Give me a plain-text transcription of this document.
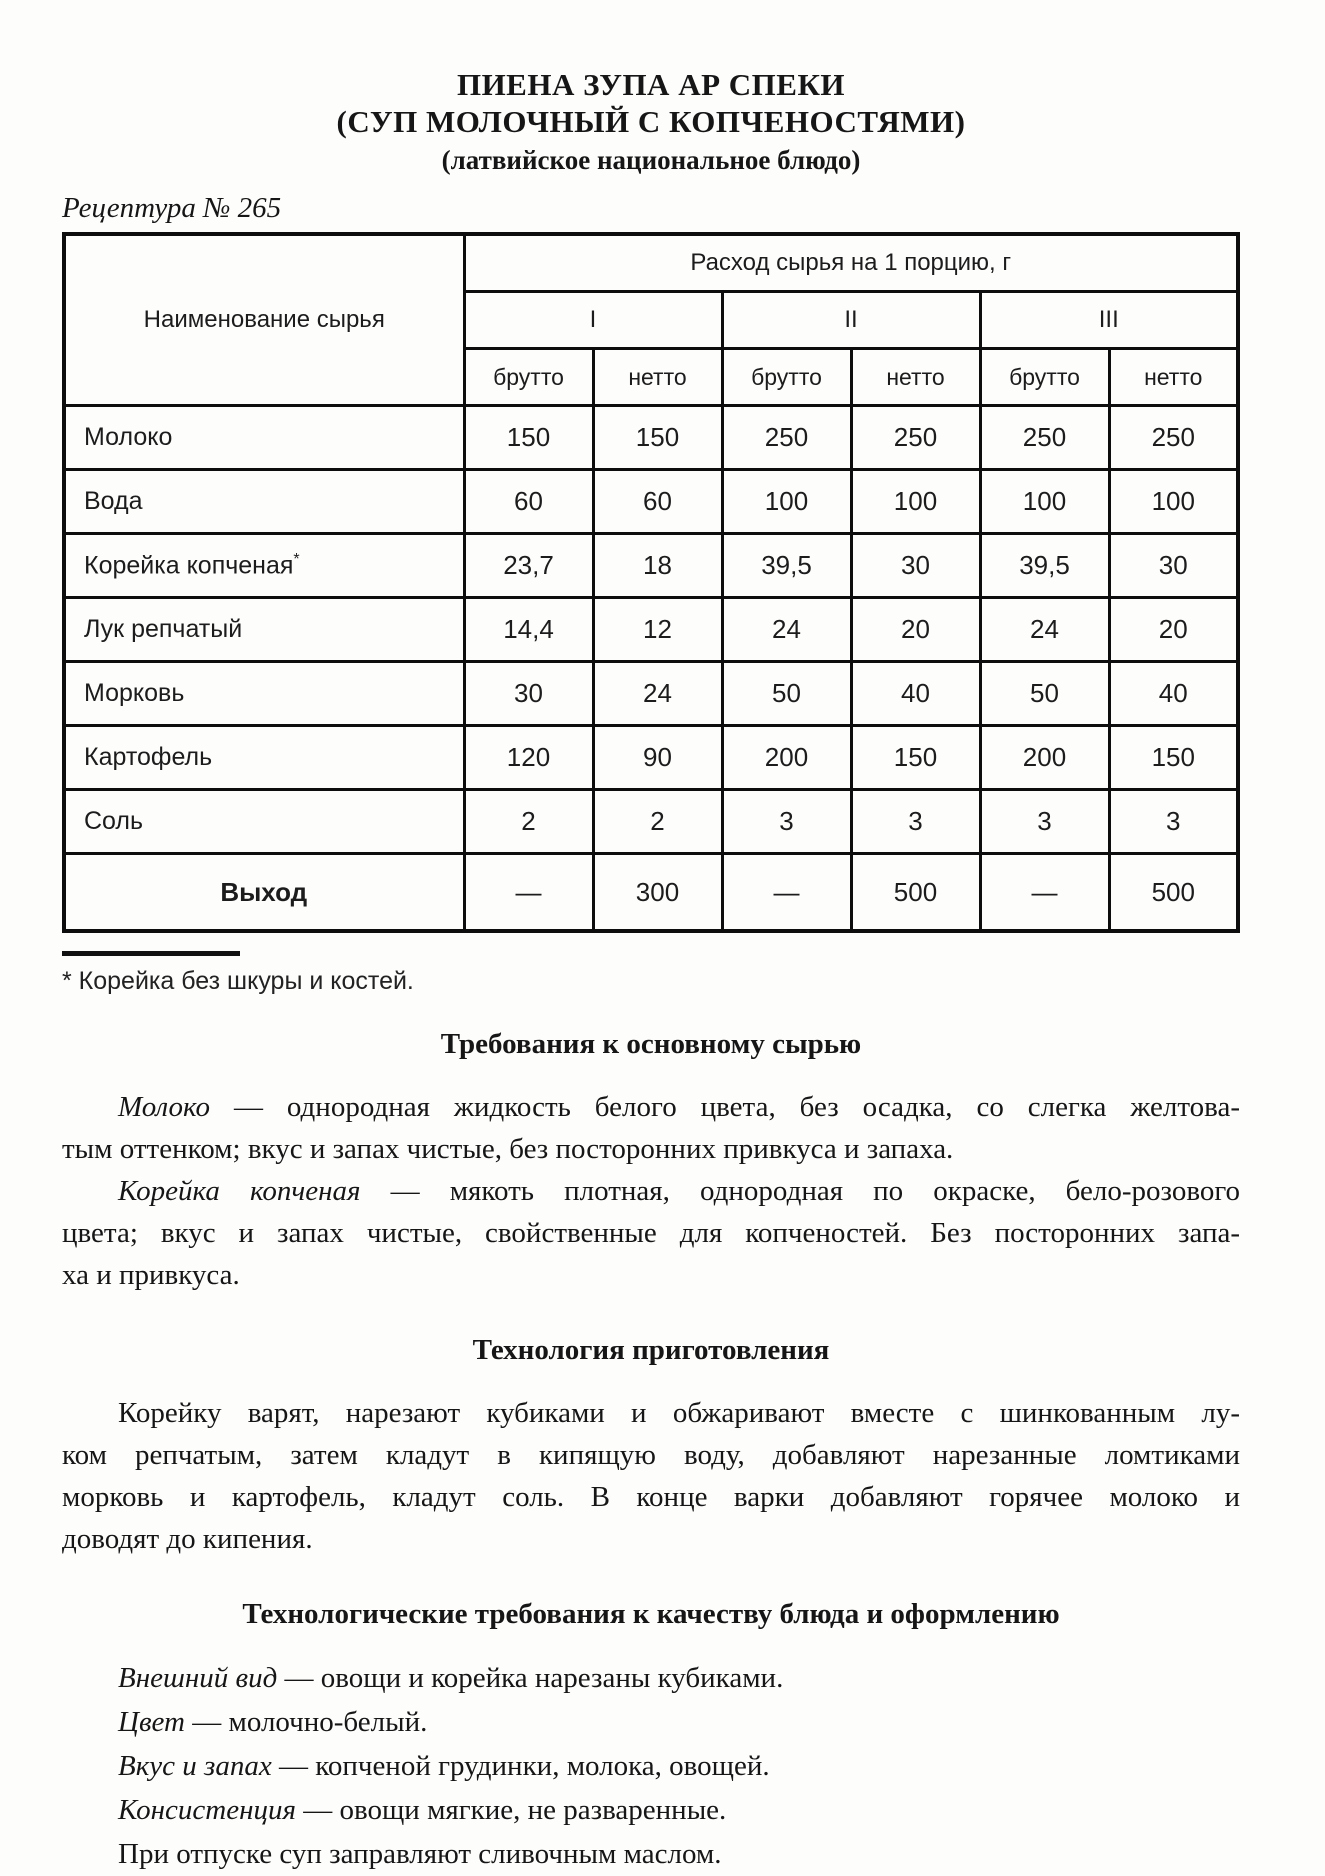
ПИЕНА ЗУПА АР СПЕКИ
(СУП МОЛОЧНЫЙ С КОПЧЕНОСТЯМИ)
(латвийское национальное блюдо)
Рецептура № 265
Наименование сырья	Расход сырья на 1 порцию, г					
	I		II		III	
	брутто	нетто	брутто	нетто	брутто	нетто
Молоко	150	150	250	250	250	250
Вода	60	60	100	100	100	100
Корейка копченая*	23,7	18	39,5	30	39,5	30
Лук репчатый	14,4	12	24	20	24	20
Морковь	30	24	50	40	50	40
Картофель	120	90	200	150	200	150
Соль	2	2	3	3	3	3
Выход	—	300	—	500	—	500
* Корейка без шкуры и костей.
Требования к основному сырью
Молоко — однородная жидкость белого цвета, без осадка, со слегка желтова-
тым оттенком; вкус и запах чистые, без посторонних привкуса и запаха.
Корейка копченая — мякоть плотная, однородная по окраске, бело-розового
цвета; вкус и запах чистые, свойственные для копченостей. Без посторонних запа-
ха и привкуса.
Технология приготовления
Корейку варят, нарезают кубиками и обжаривают вместе с шинкованным лу-
ком репчатым, затем кладут в кипящую воду, добавляют нарезанные ломтиками
морковь и картофель, кладут соль. В конце варки добавляют горячее молоко и
доводят до кипения.
Технологические требования к качеству блюда и оформлению
Внешний вид — овощи и корейка нарезаны кубиками.
Цвет — молочно-белый.
Вкус и запах — копченой грудинки, молока, овощей.
Консистенция — овощи мягкие, не разваренные.
При отпуске суп заправляют сливочным маслом.
